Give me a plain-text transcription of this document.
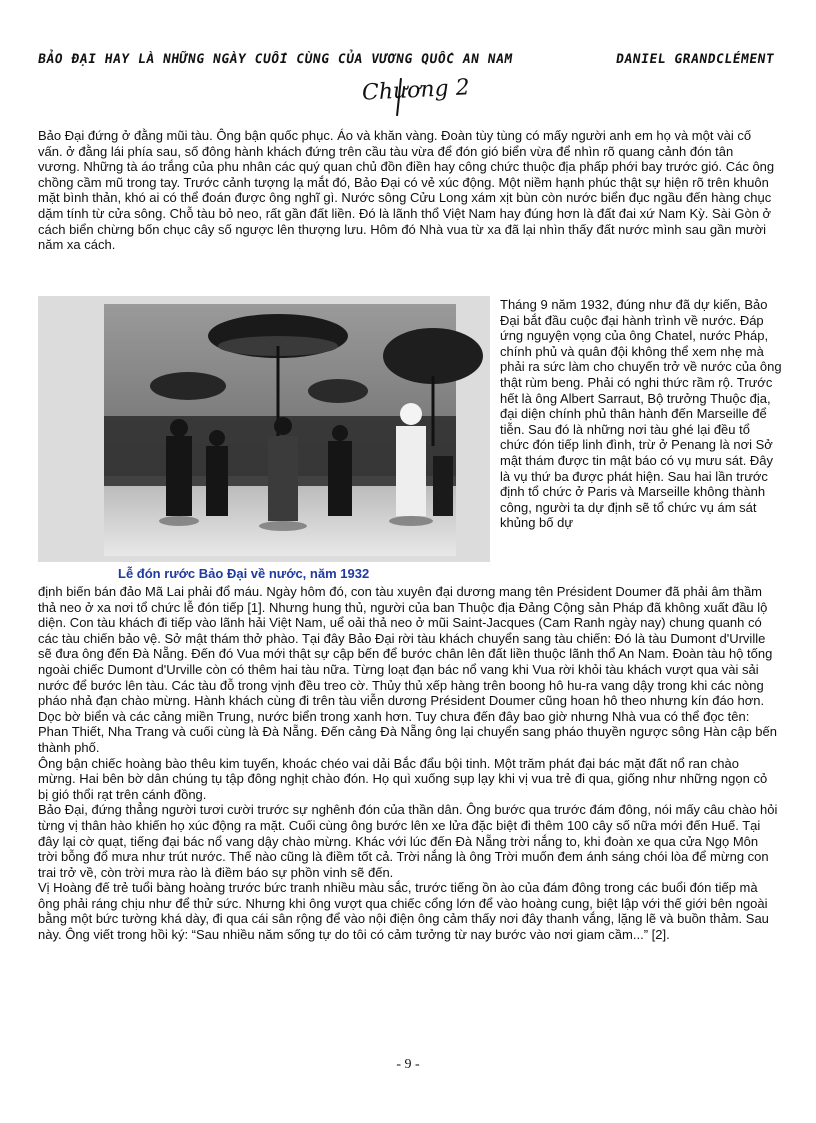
BẢO ĐẠI HAY LÀ NHỮNG NGÀY CUỐI CÙNG CỦA VƯƠNG QUỐC AN NAM	DANIEL GRANDCLÉMENT
Chương 2

Bảo Đại đứng ở đằng mũi tàu. Ông bận quốc phục. Áo và khăn vàng. Đoàn tùy tùng có mấy người anh em họ và một vài cố vấn. ở đằng lái phía sau, số đông hành khách đứng trên cầu tàu vừa để đón gió biển vừa để nhìn rõ quang cảnh đón tân vương. Những tà áo trắng của phu nhân các quý quan chủ đồn điền hay công chức thuộc địa phấp phới bay trước gió. Các ông chồng cầm mũ trong tay. Trước cảnh tượng lạ mắt đó, Bảo Đại có vẻ xúc động. Một niềm hạnh phúc thật sự hiện rõ trên khuôn mặt bình thản, khó ai có thể đoán được ông nghĩ gì. Nước sông Cửu Long xám xịt bùn còn nước biển đục ngầu đến hàng chục dặm tính từ cửa sông. Chỗ tàu bỏ neo, rất gần đất liền. Đó là lãnh thổ Việt Nam hay đúng hơn là đất đai xứ Nam Kỳ. Sài Gòn ở cách biển chừng bốn chục cây số ngược lên thượng lưu. Hôm đó Nhà vua từ xa đã lại nhìn thấy đất nước mình sau gần mười năm xa cách.

Lễ đón rước Bảo Đại về nước, năm 1932

Tháng 9 năm 1932, đúng như đã dự kiến, Bảo Đại bắt đầu cuộc đại hành trình về nước. Đáp ứng nguyện vọng của ông Chatel, nước Pháp, chính phủ và quân đội không thể xem nhẹ mà phải ra sức làm cho chuyến trở về nước của ông thật rùm beng. Phải có nghi thức rầm rộ. Trước hết là ông Albert Sarraut, Bộ trưởng Thuộc địa, đại diện chính phủ thân hành đến Marseille để tiễn. Sau đó là những nơi tàu ghé lại đều tổ chức đón tiếp linh đình, trừ ở Penang là nơi Sở mật thám được tin mật báo có vụ mưu sát. Đây là vụ thứ ba được phát hiện. Sau hai lần trước định tổ chức ở Paris và Marseille không thành công, người ta dự định sẽ tổ chức vụ ám sát khủng bố dự

định biến bán đảo Mã Lai phải đổ máu. Ngày hôm đó, con tàu xuyên đại dương mang tên Président Doumer đã phải âm thầm thả neo ở xa nơi tổ chức lễ đón tiếp [1]. Nhưng hung thủ, người của ban Thuộc địa Đảng Cộng sản Pháp đã không xuất đầu lộ diện. Con tàu khách đi tiếp vào lãnh hải Việt Nam, uể oải thả neo ở mũi Saint-Jacques (Cam Ranh ngày nay) chung quanh có các tàu chiến bảo vệ. Sở mật thám thở phào. Tại đây Bảo Đại rời tàu khách chuyển sang tàu chiến: Đó là tàu Dumont d'Urville sẽ đưa ông đến Đà Nẵng. Đến đó Vua mới thật sự cập bến để bước chân lên đất liền thuộc lãnh thổ An Nam. Đoàn tàu hộ tống ngoài chiếc Dumont d'Urville còn có thêm hai tàu nữa. Từng loạt đạn bác nổ vang khi Vua rời khỏi tàu khách vượt qua vài sải nước để bước lên tàu. Các tàu đỗ trong vịnh đều treo cờ. Thủy thủ xếp hàng trên boong hô hu-ra vang dậy trong khi các nòng pháo nhả đạn chào mừng. Hành khách cùng đi trên tàu viễn dương Président Doumer cũng hoan hô theo nhưng kín đáo hơn.
Dọc bờ biển và các cảng miền Trung, nước biển trong xanh hơn. Tuy chưa đến đây bao giờ nhưng Nhà vua có thể đọc tên: Phan Thiết, Nha Trang và cuối cùng là Đà Nẵng. Đến cảng Đà Nẵng ông lại chuyển sang pháo thuyền ngược sông Hàn cập bến thành phố.
Ông bận chiếc hoàng bào thêu kim tuyến, khoác chéo vai dải Bắc đẩu bội tinh. Một trăm phát đại bác mặt đất nổ ran chào mừng. Hai bên bờ dân chúng tụ tập đông nghịt chào đón. Họ quì xuống sụp lạy khi vị vua trẻ đi qua, giống như những ngọn cỏ bị gió thổi rạt trên cánh đồng.
Bảo Đại, đứng thẳng người tươi cười trước sự nghênh đón của thần dân. Ông bước qua trước đám đông, nói mấy câu chào hỏi từng vị thân hào khiến họ xúc động ra mặt. Cuối cùng ông bước lên xe lửa đặc biệt đi thêm 100 cây số nữa mới đến Huế. Tại đây lại cờ quạt, tiếng đại bác nổ vang dậy chào mừng. Khác với lúc đến Đà Nẵng trời nắng to, khi đoàn xe qua cửa Ngọ Môn trời bỗng đổ mưa như trút nước. Thế nào cũng là điềm tốt cả. Trời nắng là ông Trời muốn đem ánh sáng chói lòa để mừng con trai trở về, còn trời mưa rào là điềm báo sự phồn vinh sẽ đến.
Vị Hoàng đế trẻ tuổi bàng hoàng trước bức tranh nhiều màu sắc, trước tiếng ồn ào của đám đông trong các buổi đón tiếp mà ông phải ráng chịu như để thử sức. Nhưng khi ông vượt qua chiếc cổng lớn để vào hoàng cung, biệt lập với thế giới bên ngoài bằng một bức tường khá dày, đi qua cái sân rộng để vào nội điện ông cảm thấy nơi đây thanh vắng, lặng lẽ và buồn thảm. Sau này. Ông viết trong hồi ký: “Sau nhiều năm sống tự do tôi có cảm tưởng từ nay bước vào nơi giam cầm...” [2].
- 9 -
